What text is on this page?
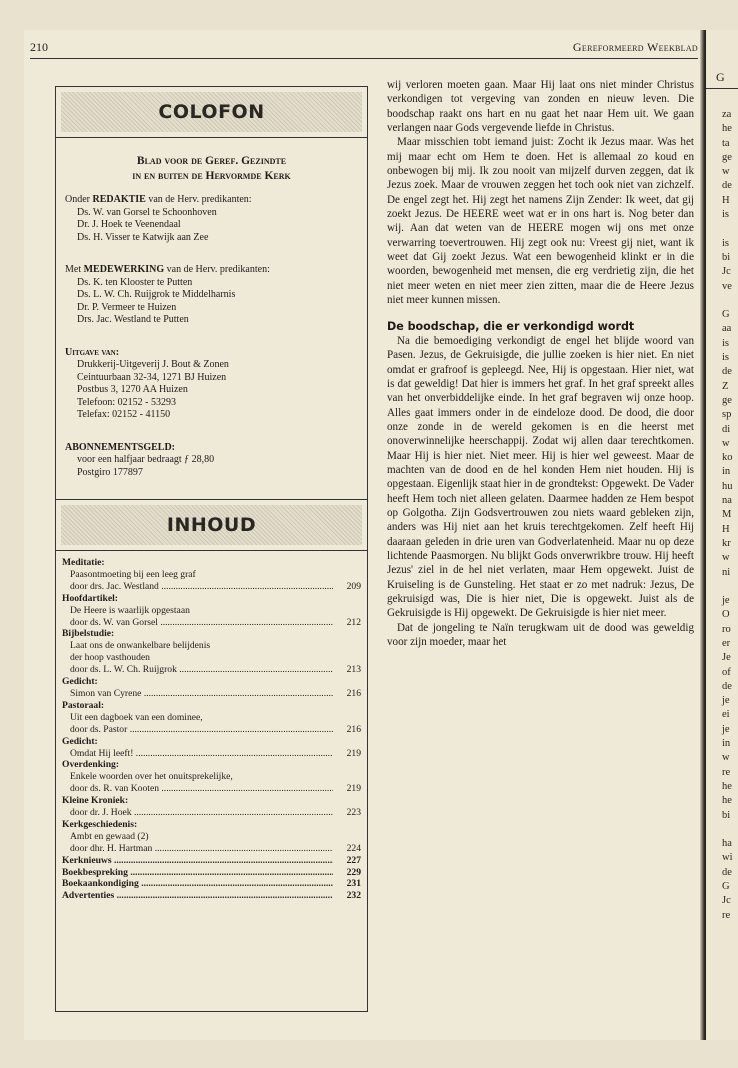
G
za
he
ta
ge
w
de
H
is

is
bi
Jc
ve

G
aa
is
is
de
Z
ge
sp
di
w
ko
in
hu
na
M
H
kr
w
ni

je
O
ro
er
Je
of
de
je
ei
je
in
w
re
he
he
bi

ha
wi
de
G
Jc
re
210	Gereformeerd Weekblad
COLOFON
Blad voor de Geref. Gezindte
in en buiten de Hervormde Kerk
Onder REDAKTIE van de Herv. predikanten:
Ds. W. van Gorsel te Schoonhoven
Dr. J. Hoek te Veenendaal
Ds. H. Visser te Katwijk aan Zee
Met MEDEWERKING van de Herv. predikanten:
Ds. K. ten Klooster te Putten
Ds. L. W. Ch. Ruijgrok te Middelharnis
Dr. P. Vermeer te Huizen
Drs. Jac. Westland te Putten
Uitgave van:
Drukkerij-Uitgeverij J. Bout & Zonen
Ceintuurbaan 32-34, 1271 BJ Huizen
Postbus 3, 1270 AA Huizen
Telefoon: 02152 - 53293
Telefax: 02152 - 41150
ABONNEMENTSGELD:
voor een halfjaar bedraagt ƒ 28,80
Postgiro 177897
INHOUD
Meditatie:
Paasontmoeting bij een leeg graf
door drs. Jac. Westland .....	209
Hoofdartikel:
De Heere is waarlijk opgestaan
door ds. W. van Gorsel .....	212
Bijbelstudie:
Laat ons de onwankelbare belijdenis
der hoop vasthouden
door ds. L. W. Ch. Ruijgrok .....	213
Gedicht:
Simon van Cyrene .....	216
Pastoraal:
Uit een dagboek van een dominee,
door ds. Pastor .....	216
Gedicht:
Omdat Hij leeft! .....	219
Overdenking:
Enkele woorden over het onuitsprekelijke,
door ds. R. van Kooten .....	219
Kleine Kroniek:
door dr. J. Hoek .....	223
Kerkgeschiedenis:
Ambt en gewaad (2)
door dhr. H. Hartman .....	224
Kerknieuws .....	227
Boekbespreking .....	229
Boekaankondiging .....	231
Advertenties .....	232

wij verloren moeten gaan. Maar Hij laat ons niet minder Christus verkondigen tot vergeving van zonden en nieuw leven. Die boodschap raakt ons hart en nu gaat het naar Hem uit. We gaan verlangen naar Gods vergevende liefde in Christus.

Maar misschien tobt iemand juist: Zocht ik Jezus maar. Was het mij maar echt om Hem te doen. Het is allemaal zo koud en onbewogen bij mij. Ik zou nooit van mijzelf durven zeggen, dat ik Jezus zoek. Maar de vrouwen zeggen het toch ook niet van zichzelf. De engel zegt het. Hij zegt het namens Zijn Zender: Ik weet, dat gij zoekt Jezus. De HEERE weet wat er in ons hart is. Nog beter dan wij. Aan dat weten van de HEERE mogen wij ons met onze verwarring toevertrouwen. Hij zegt ook nu: Vreest gij niet, want ik weet dat Gij zoekt Jezus. Wat een bewogenheid klinkt er in die woorden, bewogenheid met mensen, die erg verdrietig zijn, die het niet meer weten en niet meer zien zitten, maar die de Heere Jezus niet meer kunnen missen.

De boodschap, die er verkondigd wordt

Na die bemoediging verkondigt de engel het blijde woord van Pasen. Jezus, de Gekruisigde, die jullie zoeken is hier niet. En niet omdat er grafroof is gepleegd. Nee, Hij is opgestaan. Hier niet, wat is dat geweldig! Dat hier is immers het graf. In het graf spreekt alles van het onverbiddelijke einde. In het graf begraven wij onze hoop. Alles gaat immers onder in de eindeloze dood. De dood, die door onze zonde in de wereld gekomen is en die heerst met onoverwinnelijke heerschappij. Zodat wij allen daar terechtkomen. Maar Hij is hier niet. Niet meer. Hij is hier wel geweest. Maar de machten van de dood en de hel konden Hem niet houden. Hij is opgestaan. Eigenlijk staat hier in de grondtekst: Opgewekt. De Vader heeft Hem toch niet alleen gelaten. Daarmee hadden ze Hem bespot op Golgotha. Zijn Godsvertrouwen zou niets waard gebleken zijn, anders was Hij niet aan het kruis terechtgekomen. Zelf heeft Hij daaraan geleden in drie uren van Godverlatenheid. Maar nu op deze lichtende Paasmorgen. Nu blijkt Gods onverwrikbre trouw. Hij heeft Jezus' ziel in de hel niet verlaten, maar Hem opgewekt. Juist de Kruiseling is de Gunsteling. Het staat er zo met nadruk: Jezus, De gekruisigd was, Die is hier niet, Die is opgewekt. Juist als de Gekruisigde is Hij opgewekt. De Gekruisigde is hier niet meer.

Dat de jongeling te Naïn terugkwam uit de dood was geweldig voor zijn moeder, maar het
